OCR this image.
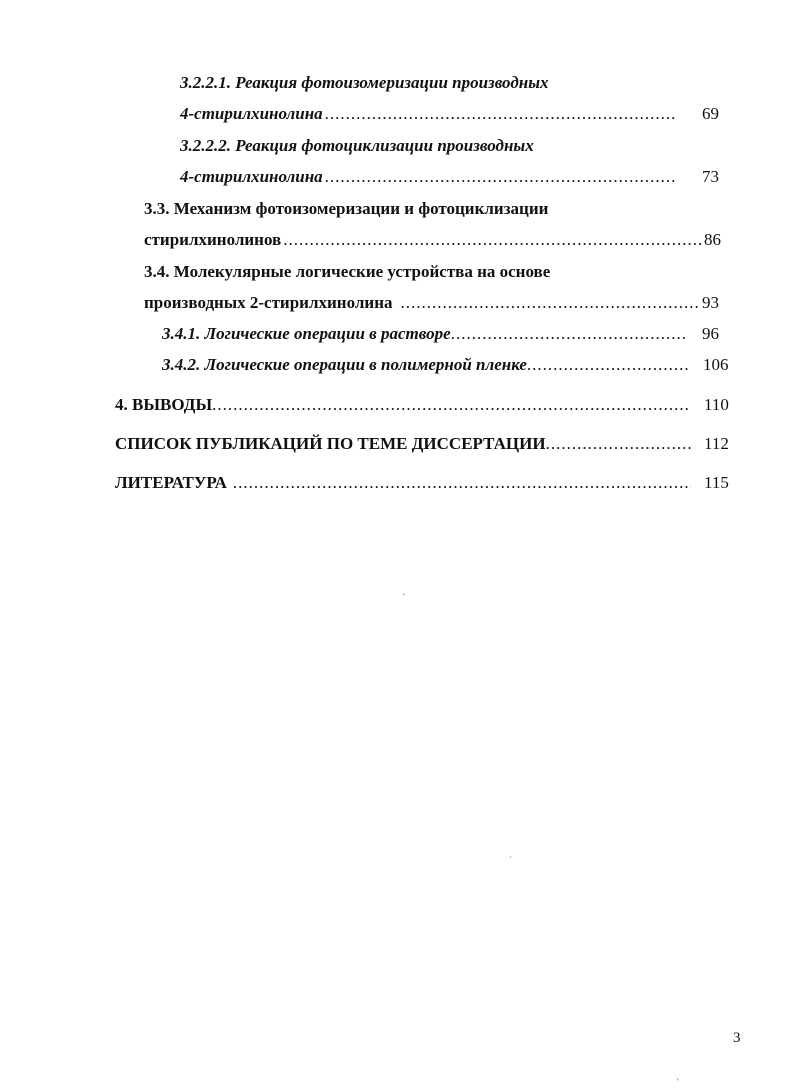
3.2.2.1. Реакция фотоизомеризации производных
4-стирилхинолина .....	69
3.2.2.2. Реакция фотоциклизации производных
4-стирилхинолина .....	73
3.3. Механизм фотоизомеризации и фотоциклизации
стирилхинолинов .....	86
3.4. Молекулярные логические устройства на основе
производных 2-стирилхинолина .....	93
3.4.1. Логические операции в растворе .....	96
3.4.2. Логические операции в полимерной пленке .....	106
4. ВЫВОДЫ .....	110
СПИСОК ПУБЛИКАЦИЙ ПО ТЕМЕ ДИССЕРТАЦИИ .....	112
ЛИТЕРАТУРА .....	115
'
`
'
3
